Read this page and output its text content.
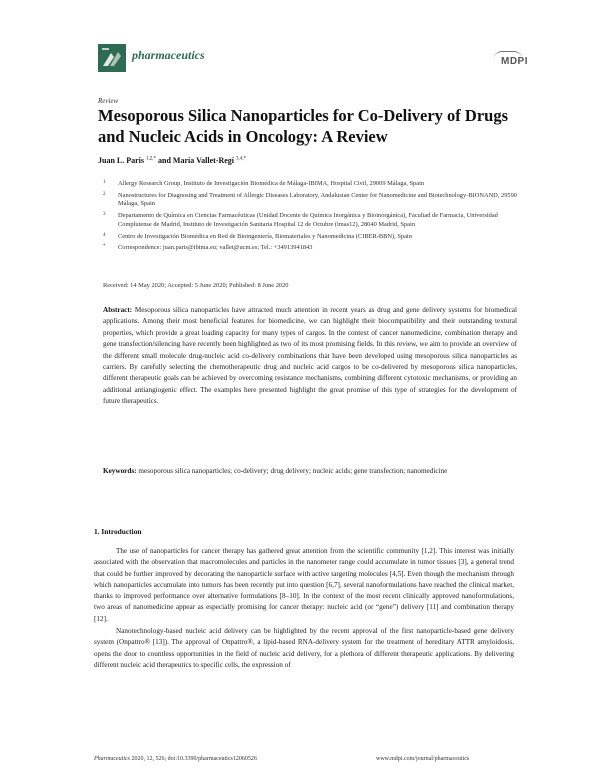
pharmaceutics	MDPI
Review
Mesoporous Silica Nanoparticles for Co-Delivery of Drugs and Nucleic Acids in Oncology: A Review
Juan L. Paris $^{1,2,*}$ and María Vallet-Regí $^{3,4,*}$
1 Allergy Research Group, Instituto de Investigación Biomédica de Málaga-IBIMA, Hospital Civil, 29009 Málaga, Spain
2 Nanostructures for Diagnosing and Treatment of Allergic Diseases Laboratory, Andalusian Center for Nanomedicine and Biotechnology-BIONAND, 29590 Málaga, Spain
3 Departamento de Química en Ciencias Farmacéuticas (Unidad Docente de Química Inorgánica y Bioinorgánica), Facultad de Farmacia, Universidad Complutense de Madrid, Instituto de Investigación Sanitaria Hospital 12 de Octubre (imas12), 28040 Madrid, Spain
4 Centro de Investigación Biomédica en Red de Bioingeniería, Biomateriales y Nanomedicina (CIBER-BBN), Spain
* Correspondence: juan.paris@ibima.eu; vallet@ucm.es; Tel.: +34913941843
Received: 14 May 2020; Accepted: 5 June 2020; Published: 8 June 2020
Abstract: Mesoporous silica nanoparticles have attracted much attention in recent years as drug and gene delivery systems for biomedical applications. Among their most beneficial features for biomedicine, we can highlight their biocompatibility and their outstanding textural properties, which provide a great loading capacity for many types of cargos. In the context of cancer nanomedicine, combination therapy and gene transfection/silencing have recently been highlighted as two of its most promising fields. In this review, we aim to provide an overview of the different small molecule drug-nucleic acid co-delivery combinations that have been developed using mesoporous silica nanoparticles as carriers. By carefully selecting the chemotherapeutic drug and nucleic acid cargos to be co-delivered by mesoporous silica nanoparticles, different therapeutic goals can be achieved by overcoming resistance mechanisms, combining different cytotoxic mechanisms, or providing an additional antiangiogenic effect. The examples here presented highlight the great promise of this type of strategies for the development of future therapeutics.
Keywords: mesoporous silica nanoparticles; co-delivery; drug delivery; nucleic acids; gene transfection; nanomedicine
1. Introduction

The use of nanoparticles for cancer therapy has gathered great attention from the scientific community [1,2]. This interest was initially associated with the observation that macromolecules and particles in the nanometer range could accumulate in tumor tissues [3], a general trend that could be further improved by decorating the nanoparticle surface with active targeting molecules [4,5]. Even though the mechanism through which nanoparticles accumulate into tumors has been recently put into question [6,7], several nanoformulations have reached the clinical market, thanks to improved performance over alternative formulations [8–10]. In the context of the most recent clinically approved nanoformulations, two areas of nanomedicine appear as especially promising for cancer therapy: nucleic acid (or “gene”) delivery [11] and combination therapy [12].

Nanotechnology-based nucleic acid delivery can be highlighted by the recent approval of the first nanoparticle-based gene delivery system (Onpattro® [13]). The approval of Onpattro®, a lipid-based RNA-delivery system for the treatment of hereditary ATTR amyloidosis, opens the door to countless opportunities in the field of nucleic acid delivery, for a plethora of different therapeutic applications. By delivering different nucleic acid therapeutics to specific cells, the expression of

Pharmaceutics 2020, 12, 526; doi:10.3390/pharmaceutics12060526	www.mdpi.com/journal/pharmaceutics
